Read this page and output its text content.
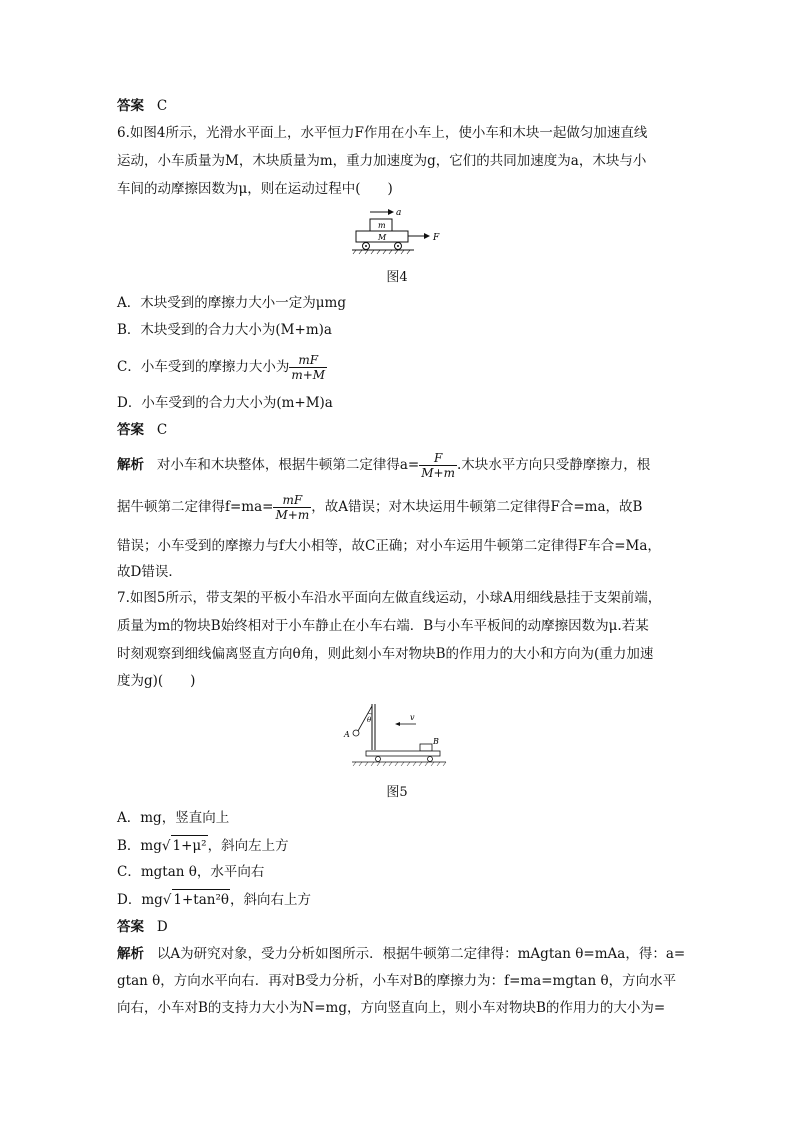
答案 C
6.如图4所示，光滑水平面上，水平恒力F作用在小车上，使小车和木块一起做匀加速直线
运动，小车质量为M，木块质量为m，重力加速度为g，它们的共同加速度为a，木块与小
车间的动摩擦因数为μ，则在运动过程中(　　)
a
m
M	F
图4
A．木块受到的摩擦力大小一定为μmg
B．木块受到的合力大小为(M+m)a
C．小车受到的摩擦力大小为 $\frac{mF}{m+M}$
D．小车受到的合力大小为(m+M)a
答案 C
解析 对小车和木块整体，根据牛顿第二定律得$a= \frac{F}{M+m}$ .木块水平方向只受静摩擦力，根
据牛顿第二定律得$f=ma= \frac{mF}{M+m}$ ，故A错误；对木块运用牛顿第二定律得F合=ma，故B
错误；小车受到的摩擦力与f大小相等，故C正确；对小车运用牛顿第二定律得F车合=Ma，
故D错误．
7.如图5所示，带支架的平板小车沿水平面向左做直线运动，小球A用细线悬挂于支架前端，
质量为m的物块B始终相对于小车静止在小车右端．B与小车平板间的动摩擦因数为μ.若某
时刻观察到细线偏离竖直方向θ角，则此刻小车对物块B的作用力的大小和方向为(重力加速
度为g)(　　)
θ
A
v
B
图5
A．mg，竖直向上
B．mg√ 1+μ²，斜向左上方
C．mgtan θ，水平向右
D．mg√ 1+tan²θ，斜向右上方
答案 D
解析 以A为研究对象，受力分析如图所示．根据牛顿第二定律得：mAgtan θ=mAa，得：a=
gtan θ，方向水平向右．再对B受力分析，小车对B的摩擦力为：f=ma=mgtan θ，方向水平
向右，小车对B的支持力大小为N=mg，方向竖直向上，则小车对物块B的作用力的大小为=
